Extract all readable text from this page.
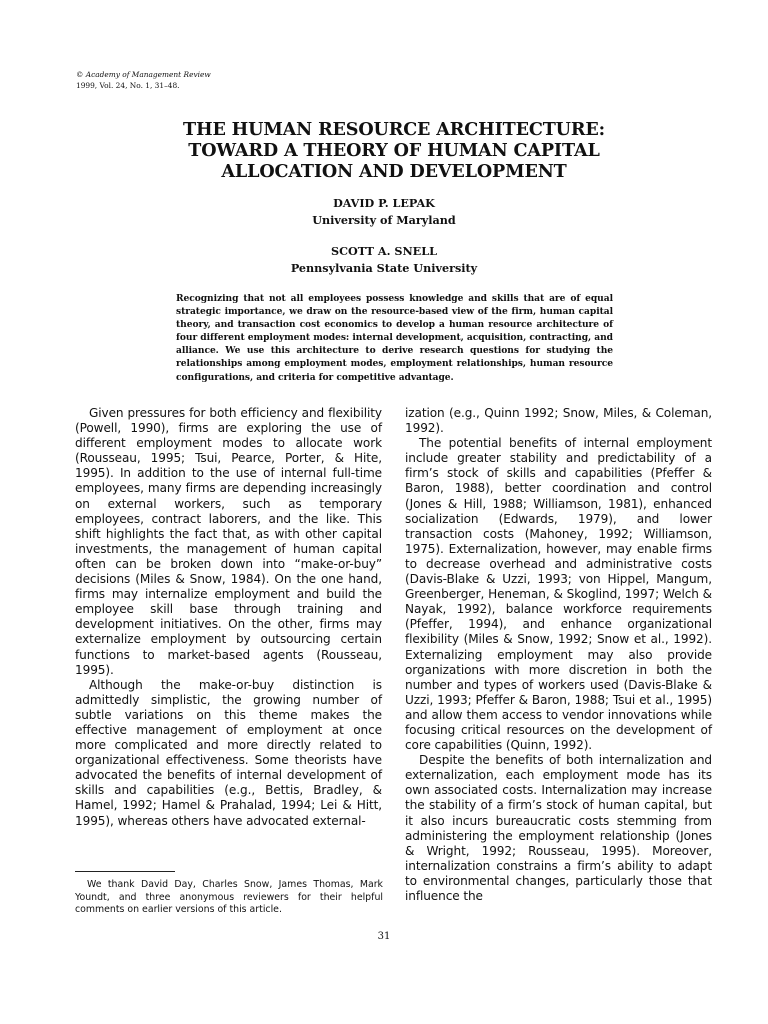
© Academy of Management Review
1999, Vol. 24, No. 1, 31–48.
THE HUMAN RESOURCE ARCHITECTURE:
TOWARD A THEORY OF HUMAN CAPITAL
ALLOCATION AND DEVELOPMENT
DAVID P. LEPAK
University of Maryland
SCOTT A. SNELL
Pennsylvania State University
Recognizing that not all employees possess knowledge and skills that are of equal strategic importance, we draw on the resource-based view of the firm, human capital theory, and transaction cost economics to develop a human resource architecture of four different employment modes: internal development, acquisition, contracting, and alliance. We use this architecture to derive research questions for studying the relationships among employment modes, employment relationships, human resource configurations, and criteria for competitive advantage.

Given pressures for both efficiency and flexibility (Powell, 1990), firms are exploring the use of different employment modes to allocate work (Rousseau, 1995; Tsui, Pearce, Porter, & Hite, 1995). In addition to the use of internal full-time employees, many firms are depending increasingly on external workers, such as temporary employees, contract laborers, and the like. This shift highlights the fact that, as with other capital investments, the management of human capital often can be broken down into “make-or-buy” decisions (Miles & Snow, 1984). On the one hand, firms may internalize employment and build the employee skill base through training and development initiatives. On the other, firms may externalize employment by outsourcing certain functions to market-based agents (Rousseau, 1995).

Although the make-or-buy distinction is admittedly simplistic, the growing number of subtle variations on this theme makes the effective management of employment at once more complicated and more directly related to organizational effectiveness. Some theorists have advocated the benefits of internal development of skills and capabilities (e.g., Bettis, Bradley, & Hamel, 1992; Hamel & Prahalad, 1994; Lei & Hitt, 1995), whereas others have advocated external-

ization (e.g., Quinn 1992; Snow, Miles, & Coleman, 1992).

The potential benefits of internal employment include greater stability and predictability of a firm’s stock of skills and capabilities (Pfeffer & Baron, 1988), better coordination and control (Jones & Hill, 1988; Williamson, 1981), enhanced socialization (Edwards, 1979), and lower transaction costs (Mahoney, 1992; Williamson, 1975). Externalization, however, may enable firms to decrease overhead and administrative costs (Davis-Blake & Uzzi, 1993; von Hippel, Mangum, Greenberger, Heneman, & Skoglind, 1997; Welch & Nayak, 1992), balance workforce requirements (Pfeffer, 1994), and enhance organizational flexibility (Miles & Snow, 1992; Snow et al., 1992). Externalizing employment may also provide organizations with more discretion in both the number and types of workers used (Davis-Blake & Uzzi, 1993; Pfeffer & Baron, 1988; Tsui et al., 1995) and allow them access to vendor innovations while focusing critical resources on the development of core capabilities (Quinn, 1992).

Despite the benefits of both internalization and externalization, each employment mode has its own associated costs. Internalization may increase the stability of a firm’s stock of human capital, but it also incurs bureaucratic costs stemming from administering the employment relationship (Jones & Wright, 1992; Rousseau, 1995). Moreover, internalization constrains a firm’s ability to adapt to environmental changes, particularly those that influence the

We thank David Day, Charles Snow, James Thomas, Mark Youndt, and three anonymous reviewers for their helpful comments on earlier versions of this article.
31
